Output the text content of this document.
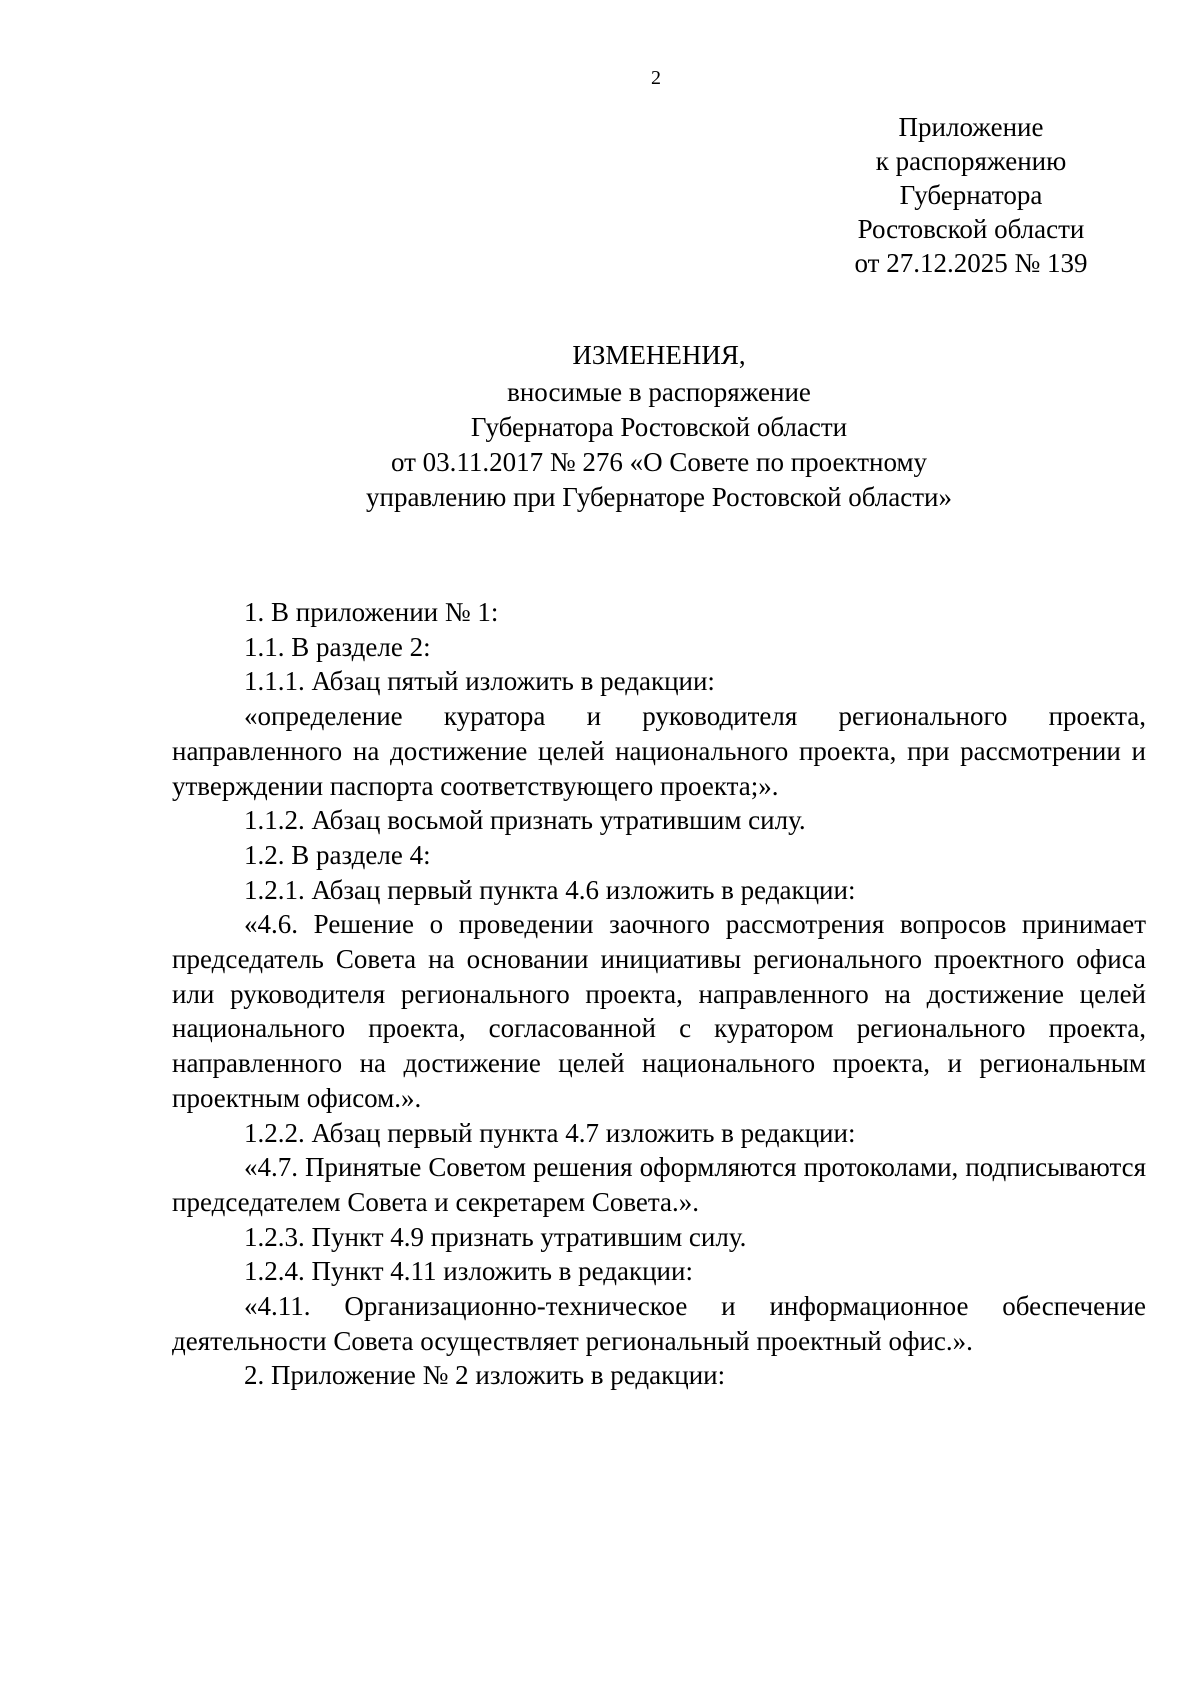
2
Приложение
к распоряжению
Губернатора
Ростовской области
от 27.12.2025 № 139
ИЗМЕНЕНИЯ,
вносимые в распоряжение
Губернатора Ростовской области
от 03.11.2017 № 276 «О Совете по проектному
управлению при Губернаторе Ростовской области»

1. В приложении № 1:

1.1. В разделе 2:

1.1.1. Абзац пятый изложить в редакции:

«определение куратора и руководителя регионального проекта, направленного на достижение целей национального проекта, при рассмотрении и утверждении паспорта соответствующего проекта;».

1.1.2. Абзац восьмой признать утратившим силу.

1.2. В разделе 4:

1.2.1. Абзац первый пункта 4.6 изложить в редакции:

«4.6. Решение о проведении заочного рассмотрения вопросов принимает председатель Совета на основании инициативы регионального проектного офиса или руководителя регионального проекта, направленного на достижение целей национального проекта, согласованной с куратором регионального проекта, направленного на достижение целей национального проекта, и региональным проектным офисом.».

1.2.2. Абзац первый пункта 4.7 изложить в редакции:

«4.7. Принятые Советом решения оформляются протоколами, подписываются председателем Совета и секретарем Совета.».

1.2.3. Пункт 4.9 признать утратившим силу.

1.2.4. Пункт 4.11 изложить в редакции:

«4.11. Организационно-техническое и информационное обеспечение деятельности Совета осуществляет региональный проектный офис.».

2. Приложение № 2 изложить в редакции:
